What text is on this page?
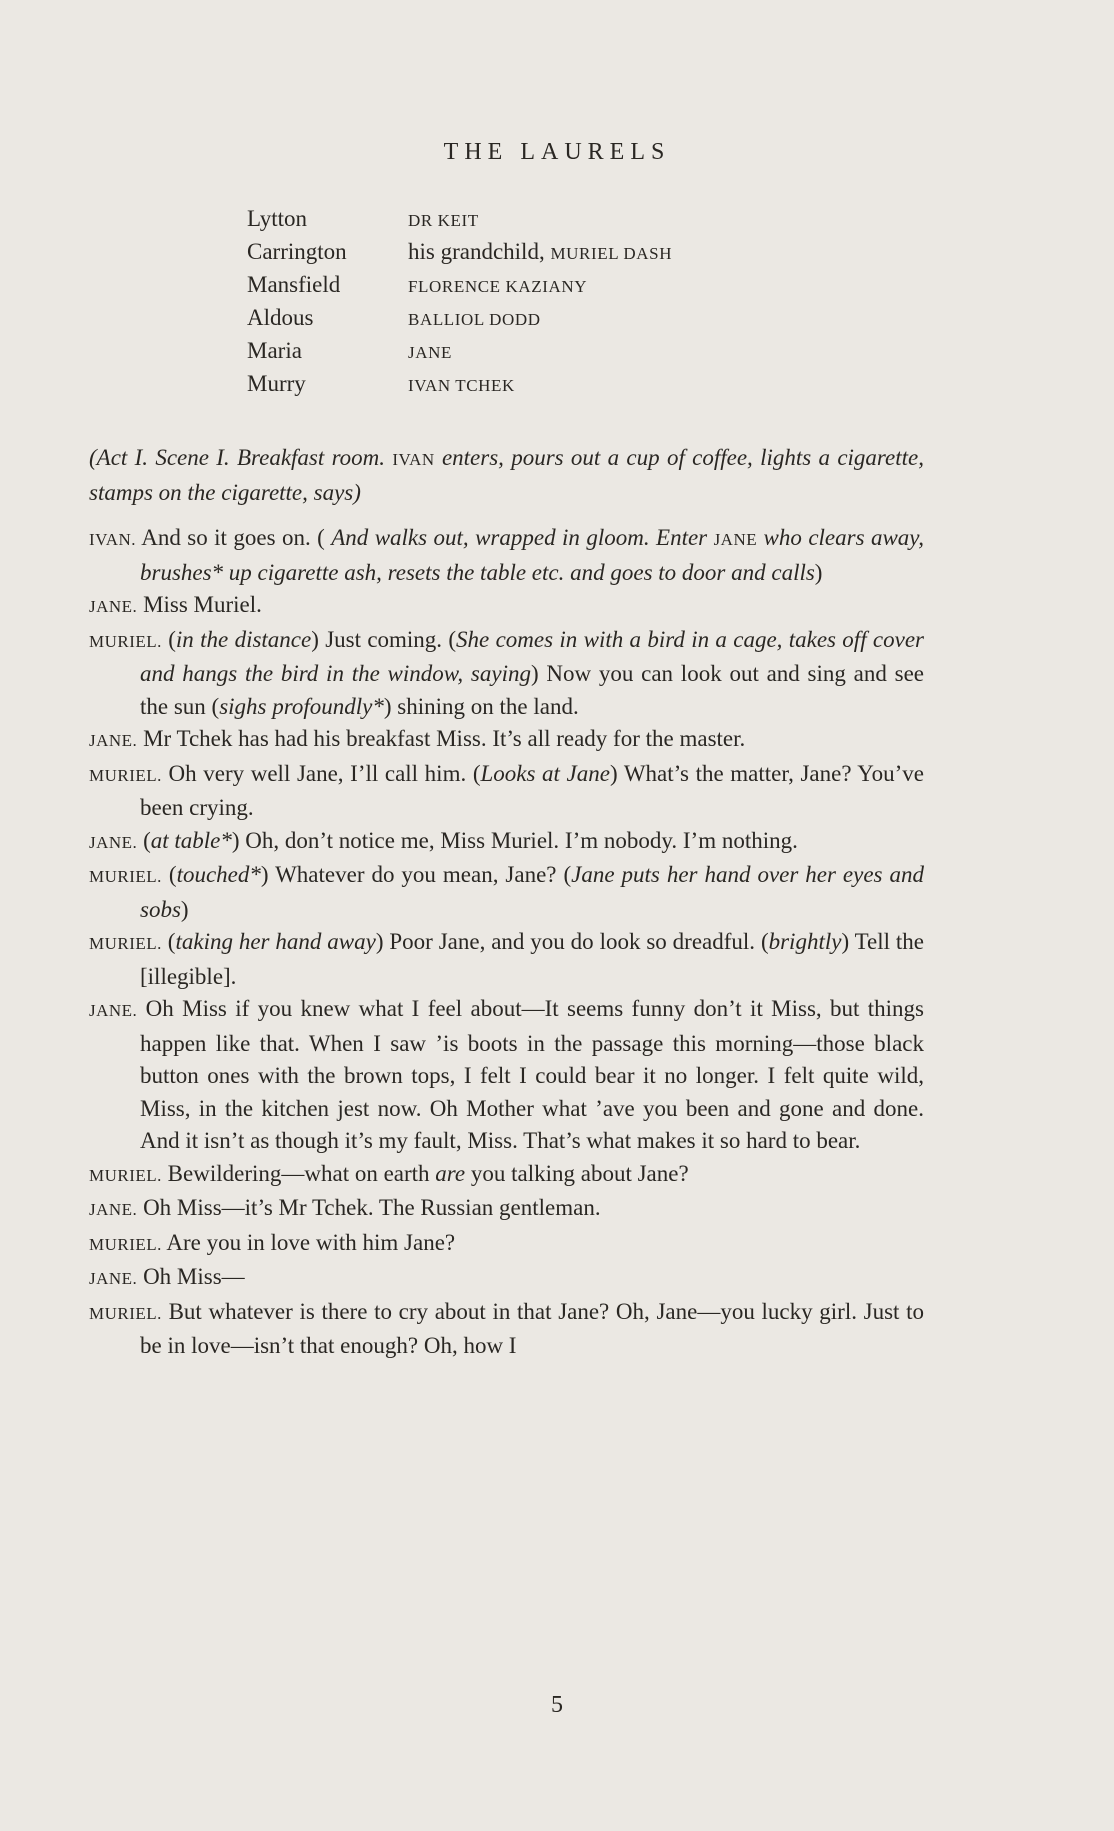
THE LAURELS
Lytton	DR KEIT
Carrington	his grandchild, MURIEL DASH
Mansfield	FLORENCE KAZIANY
Aldous	BALLIOL DODD
Maria	JANE
Murry	IVAN TCHEK
(Act I. Scene I. Breakfast room. IVAN enters, pours out a cup of coffee, lights a cigarette, stamps on the cigarette, says)
IVAN. And so it goes on. ( And walks out, wrapped in gloom. Enter JANE who clears away, brushes* up cigarette ash, resets the table etc. and goes to door and calls)
JANE. Miss Muriel.
MURIEL. (in the distance) Just coming. (She comes in with a bird in a cage, takes off cover and hangs the bird in the window, saying) Now you can look out and sing and see the sun (sighs profoundly*) shining on the land.
JANE. Mr Tchek has had his breakfast Miss. It’s all ready for the master.
MURIEL. Oh very well Jane, I’ll call him. (Looks at Jane) What’s the matter, Jane? You’ve been crying.
JANE. (at table*) Oh, don’t notice me, Miss Muriel. I’m nobody. I’m nothing.
MURIEL. (touched*) Whatever do you mean, Jane? (Jane puts her hand over her eyes and sobs)
MURIEL. (taking her hand away) Poor Jane, and you do look so dreadful. (brightly) Tell the [illegible].
JANE. Oh Miss if you knew what I feel about—It seems funny don’t it Miss, but things happen like that. When I saw ’is boots in the passage this morning—those black button ones with the brown tops, I felt I could bear it no longer. I felt quite wild, Miss, in the kitchen jest now. Oh Mother what ’ave you been and gone and done. And it isn’t as though it’s my fault, Miss. That’s what makes it so hard to bear.
MURIEL. Bewildering—what on earth are you talking about Jane?
JANE. Oh Miss—it’s Mr Tchek. The Russian gentleman.
MURIEL. Are you in love with him Jane?
JANE. Oh Miss—
MURIEL. But whatever is there to cry about in that Jane? Oh, Jane—you lucky girl. Just to be in love—isn’t that enough? Oh, how I
5
